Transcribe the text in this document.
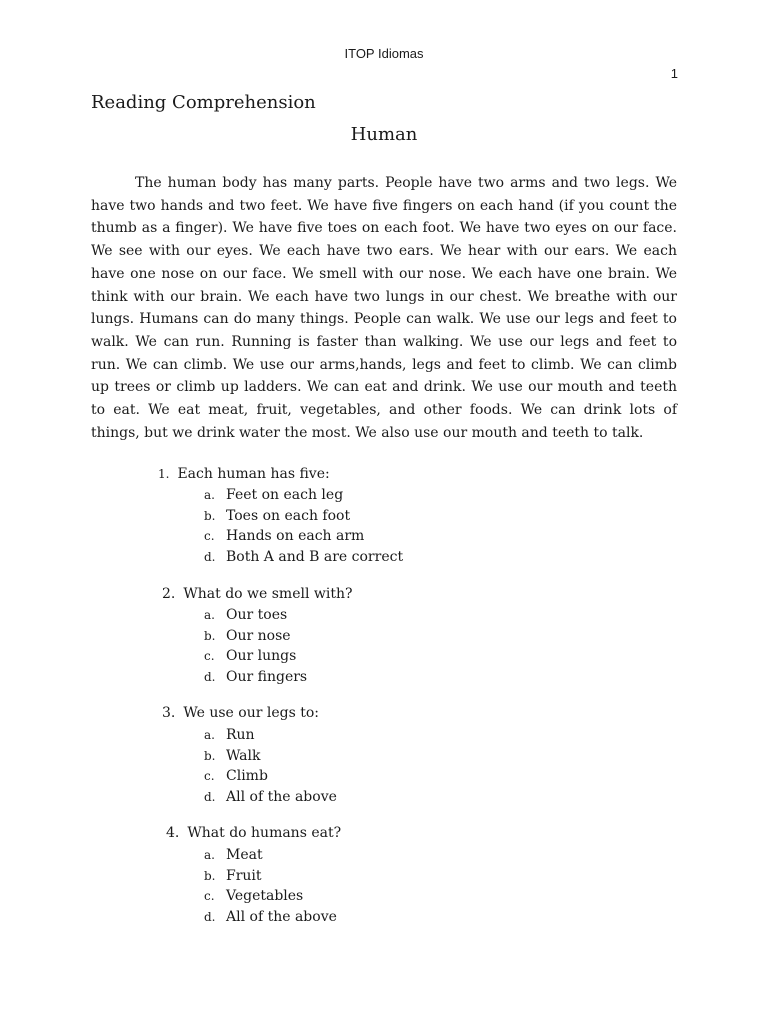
ITOP Idiomas
1
Reading Comprehension
Human

The human body has many parts. People have two arms and two legs. We have two hands and two feet. We have five fingers on each hand (if you count the thumb as a finger). We have five toes on each foot. We have two eyes on our face. We see with our eyes. We each have two ears. We hear with our ears. We each have one nose on our face. We smell with our nose. We each have one brain. We think with our brain. We each have two lungs in our chest. We breathe with our lungs. Humans can do many things. People can walk. We use our legs and feet to walk. We can run. Running is faster than walking. We use our legs and feet to run. We can climb. We use our arms,hands, legs and feet to climb. We can climb up trees or climb up ladders. We can eat and drink. We use our mouth and teeth to eat. We eat meat, fruit, vegetables, and other foods. We can drink lots of things, but we drink water the most. We also use our mouth and teeth to talk.

1. Each human has five:
a. Feet on each leg
b. Toes on each foot
c. Hands on each arm
d. Both A and B are correct
2. What do we smell with?
a. Our toes
b. Our nose
c. Our lungs
d. Our fingers
3. We use our legs to:
a. Run
b. Walk
c. Climb
d. All of the above
4. What do humans eat?
a. Meat
b. Fruit
c. Vegetables
d. All of the above
